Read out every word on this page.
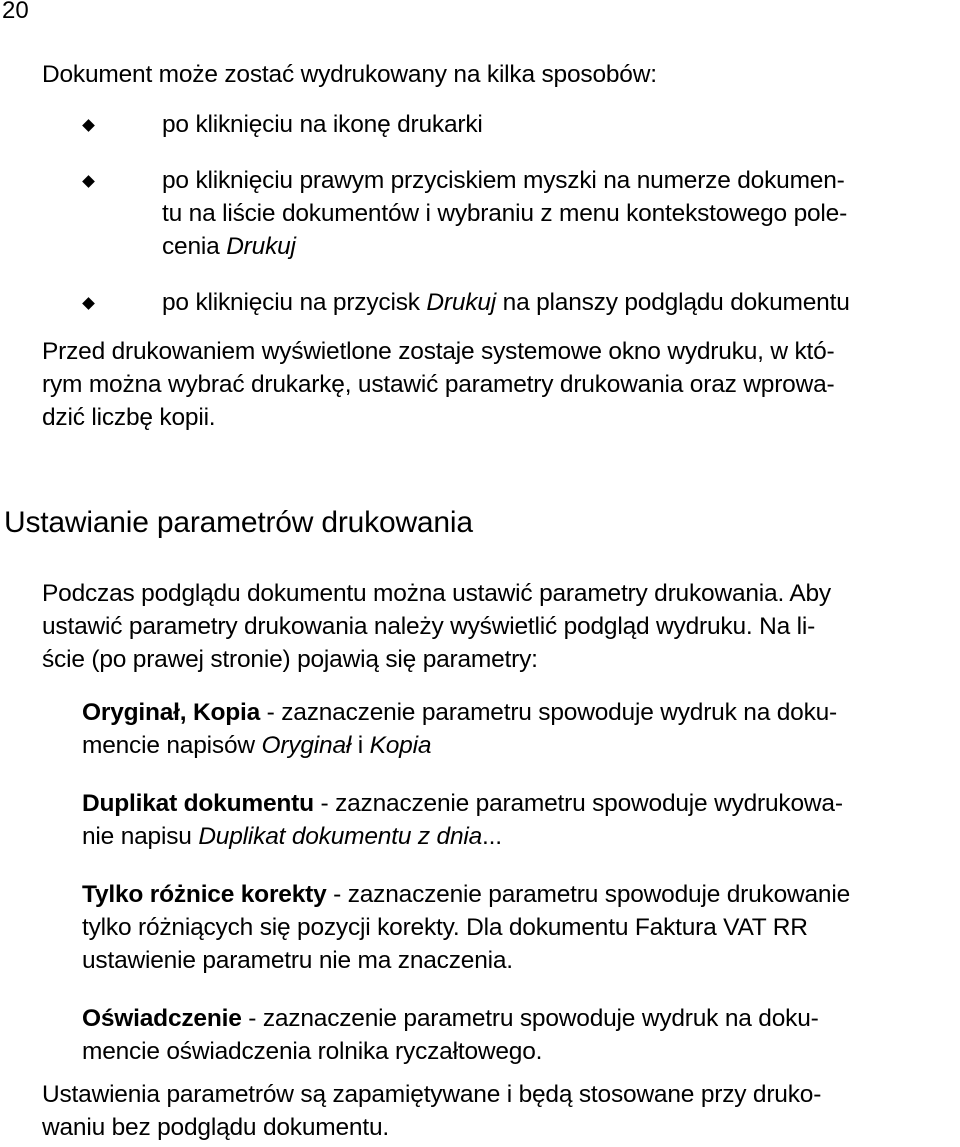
20

Dokument może zostać wydrukowany na kilka sposobów:

po kliknięciu na ikonę drukarki
po kliknięciu prawym przyciskiem myszki na numerze dokumen-
tu na liście dokumentów i wybraniu z menu kontekstowego pole-
cenia Drukuj
po kliknięciu na przycisk Drukuj na planszy podglądu dokumentu

Przed drukowaniem wyświetlone zostaje systemowe okno wydruku, w któ-
rym można wybrać drukarkę, ustawić parametry drukowania oraz wprowa-
dzić liczbę kopii.

Ustawianie parametrów drukowania

Podczas podglądu dokumentu można ustawić parametry drukowania. Aby
ustawić parametry drukowania należy wyświetlić podgląd wydruku. Na li-
ście (po prawej stronie) pojawią się parametry:

Oryginał, Kopia - zaznaczenie parametru spowoduje wydruk na doku-
mencie napisów Oryginał i Kopia
Duplikat dokumentu - zaznaczenie parametru spowoduje wydrukowa-
nie napisu Duplikat dokumentu z dnia...
Tylko różnice korekty - zaznaczenie parametru spowoduje drukowanie
tylko różniących się pozycji korekty. Dla dokumentu Faktura VAT RR
ustawienie parametru nie ma znaczenia.
Oświadczenie - zaznaczenie parametru spowoduje wydruk na doku-
mencie oświadczenia rolnika ryczałtowego.

Ustawienia parametrów są zapamiętywane i będą stosowane przy druko-
waniu bez podglądu dokumentu.
